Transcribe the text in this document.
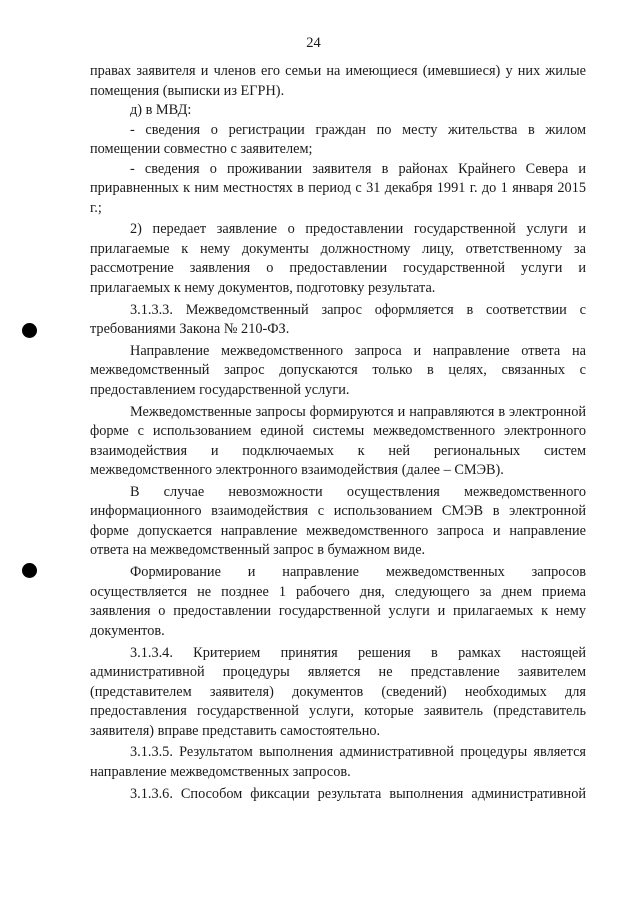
24

правах заявителя и членов его семьи на имеющиеся (имевшиеся) у них жилые помещения (выписки из ЕГРН).

д) в МВД:

- сведения о регистрации граждан по месту жительства в жилом помещении совместно с заявителем;

- сведения о проживании заявителя в районах Крайнего Севера и приравненных к ним местностях в период с 31 декабря 1991 г. до 1 января 2015 г.;

2) передает заявление о предоставлении государственной услуги и прилагаемые к нему документы должностному лицу, ответственному за рассмотрение заявления о предоставлении государственной услуги и прилагаемых к нему документов, подготовку результата.

3.1.3.3. Межведомственный запрос оформляется в соответствии с требованиями Закона № 210-ФЗ.

Направление межведомственного запроса и направление ответа на межведомственный запрос допускаются только в целях, связанных с предоставлением государственной услуги.

Межведомственные запросы формируются и направляются в электронной форме с использованием единой системы межведомственного электронного взаимодействия и подключаемых к ней региональных систем межведомственного электронного взаимодействия (далее – СМЭВ).

В случае невозможности осуществления межведомственного информационного взаимодействия с использованием СМЭВ в электронной форме допускается направление межведомственного запроса и направление ответа на межведомственный запрос в бумажном виде.

Формирование и направление межведомственных запросов осуществляется не позднее 1 рабочего дня, следующего за днем приема заявления о предоставлении государственной услуги и прилагаемых к нему документов.

3.1.3.4. Критерием принятия решения в рамках настоящей административной процедуры является не представление заявителем (представителем заявителя) документов (сведений) необходимых для предоставления государственной услуги, которые заявитель (представитель заявителя) вправе представить самостоятельно.

3.1.3.5. Результатом выполнения административной процедуры является направление межведомственных запросов.

3.1.3.6. Способом фиксации результата выполнения административной
